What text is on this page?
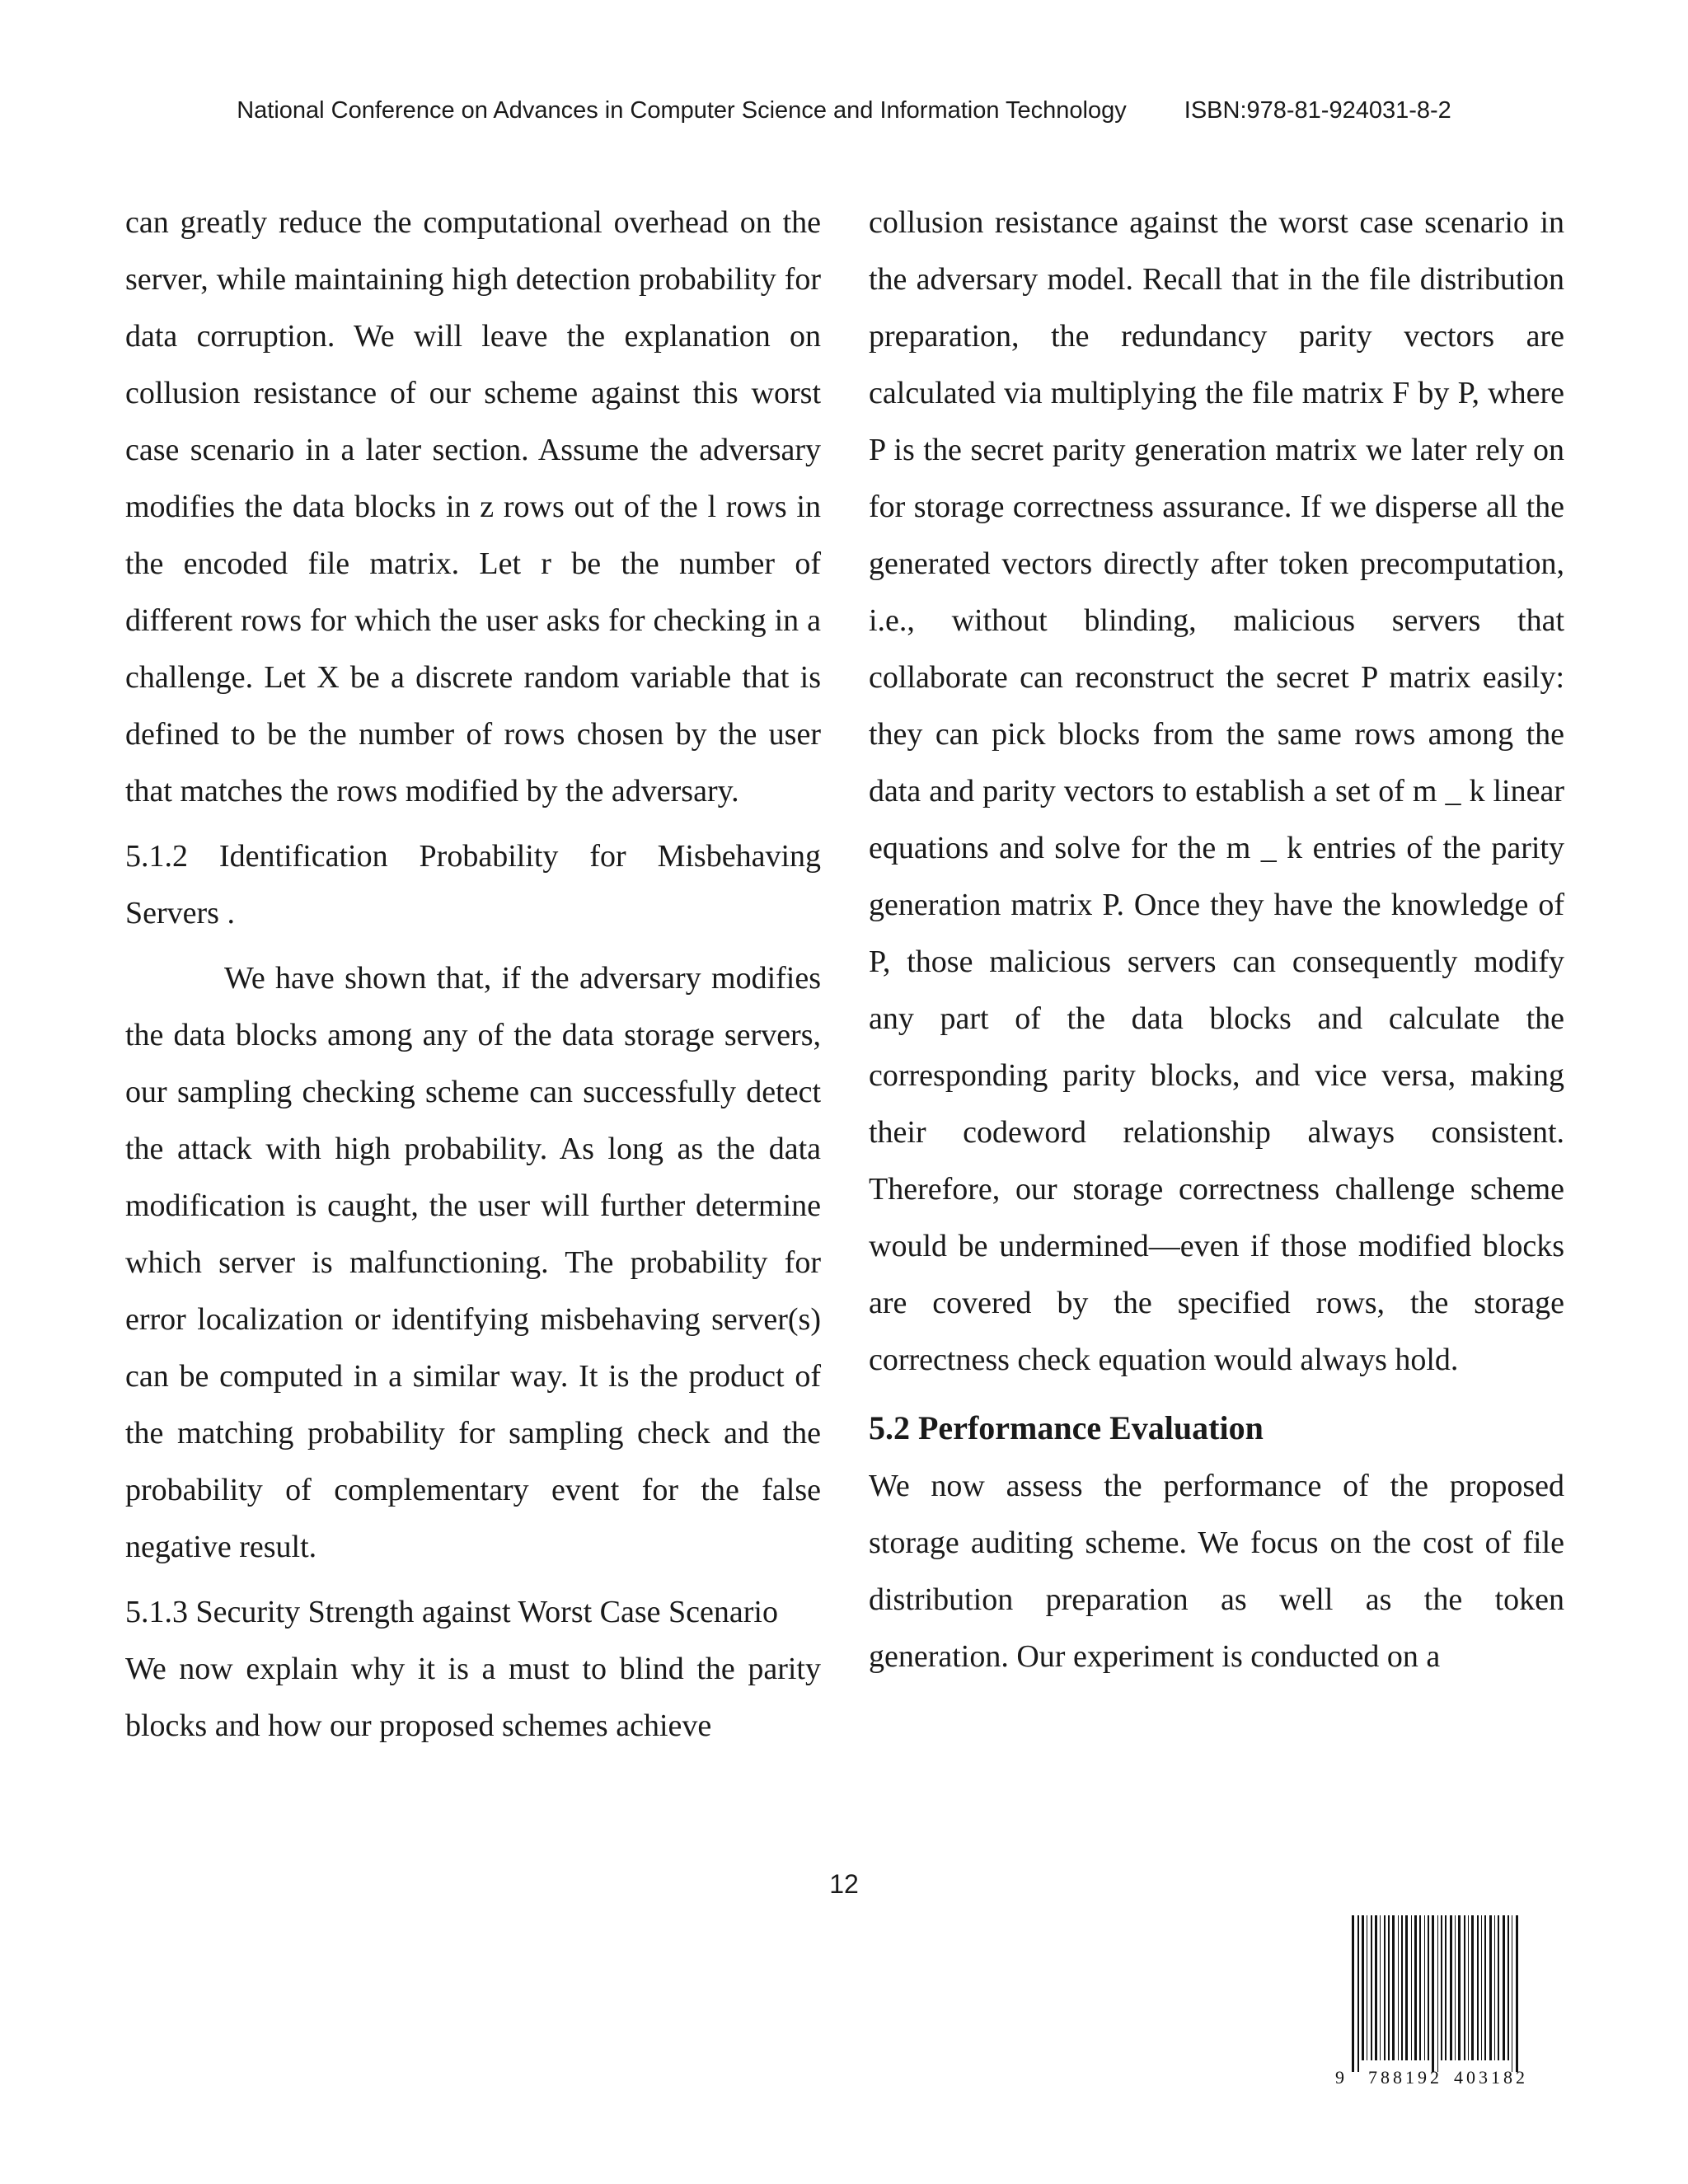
National Conference on Advances in Computer Science and Information Technology ISBN:978-81-924031-8-2

can greatly reduce the computational overhead on the server, while maintaining high detection probability for data corruption. We will leave the explanation on collusion resistance of our scheme against this worst case scenario in a later section. Assume the adversary modifies the data blocks in z rows out of the l rows in the encoded file matrix. Let r be the number of different rows for which the user asks for checking in a challenge. Let X be a discrete random variable that is defined to be the number of rows chosen by the user that matches the rows modified by the adversary.

5.1.2 Identification Probability for Misbehaving Servers .

We have shown that, if the adversary modifies the data blocks among any of the data storage servers, our sampling checking scheme can successfully detect the attack with high probability. As long as the data modification is caught, the user will further determine which server is malfunctioning. The probability for error localization or identifying misbehaving server(s) can be computed in a similar way. It is the product of the matching probability for sampling check and the probability of complementary event for the false negative result.

5.1.3 Security Strength against Worst Case Scenario

We now explain why it is a must to blind the parity blocks and how our proposed schemes achieve

collusion resistance against the worst case scenario in the adversary model. Recall that in the file distribution preparation, the redundancy parity vectors are calculated via multiplying the file matrix F by P, where P is the secret parity generation matrix we later rely on for storage correctness assurance. If we disperse all the generated vectors directly after token precomputation, i.e., without blinding, malicious servers that collaborate can reconstruct the secret P matrix easily: they can pick blocks from the same rows among the data and parity vectors to establish a set of m _ k linear equations and solve for the m _ k entries of the parity generation matrix P. Once they have the knowledge of P, those malicious servers can consequently modify any part of the data blocks and calculate the corresponding parity blocks, and vice versa, making their codeword relationship always consistent. Therefore, our storage correctness challenge scheme would be undermined—even if those modified blocks are covered by the specified rows, the storage correctness check equation would always hold.

5.2 Performance Evaluation

We now assess the performance of the proposed storage auditing scheme. We focus on the cost of file distribution preparation as well as the token generation. Our experiment is conducted on a

12
9 788192 403182
